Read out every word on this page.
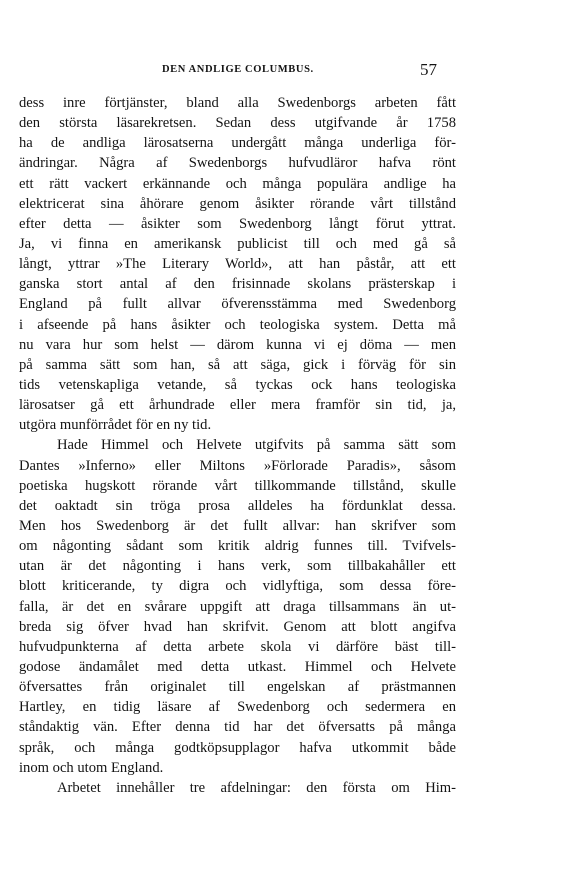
DEN ANDLIGE COLUMBUS.	57
dess inre förtjänster, bland alla Swedenborgs arbeten fått
den största läsarekretsen. Sedan dess utgifvande år 1758
ha de andliga lärosatserna undergått många underliga för-
ändringar. Några af Swedenborgs hufvudläror hafva rönt
ett rätt vackert erkännande och många populära andlige ha
elektricerat sina åhörare genom åsikter rörande vårt tillstånd
efter detta — åsikter som Swedenborg långt förut yttrat.
Ja, vi finna en amerikansk publicist till och med gå så
långt, yttrar »The Literary World», att han påstår, att ett
ganska stort antal af den frisinnade skolans prästerskap i
England på fullt allvar öfverensstämma med Swedenborg
i afseende på hans åsikter och teologiska system. Detta må
nu vara hur som helst — därom kunna vi ej döma — men
på samma sätt som han, så att säga, gick i förväg för sin
tids vetenskapliga vetande, så tyckas ock hans teologiska
lärosatser gå ett århundrade eller mera framför sin tid, ja,
utgöra munförrådet för en ny tid.
Hade Himmel och Helvete utgifvits på samma sätt som
Dantes »Inferno» eller Miltons »Förlorade Paradis», såsom
poetiska hugskott rörande vårt tillkommande tillstånd, skulle
det oaktadt sin tröga prosa alldeles ha fördunklat dessa.
Men hos Swedenborg är det fullt allvar: han skrifver som
om någonting sådant som kritik aldrig funnes till. Tvifvels-
utan är det någonting i hans verk, som tillbakahåller ett
blott kriticerande, ty digra och vidlyftiga, som dessa före-
falla, är det en svårare uppgift att draga tillsammans än ut-
breda sig öfver hvad han skrifvit. Genom att blott angifva
hufvudpunkterna af detta arbete skola vi därföre bäst till-
godose ändamålet med detta utkast. Himmel och Helvete
öfversattes från originalet till engelskan af prästmannen
Hartley, en tidig läsare af Swedenborg och sedermera en
ståndaktig vän. Efter denna tid har det öfversatts på många
språk, och många godtköpsupplagor hafva utkommit både
inom och utom England.
Arbetet innehåller tre afdelningar: den första om Him-
